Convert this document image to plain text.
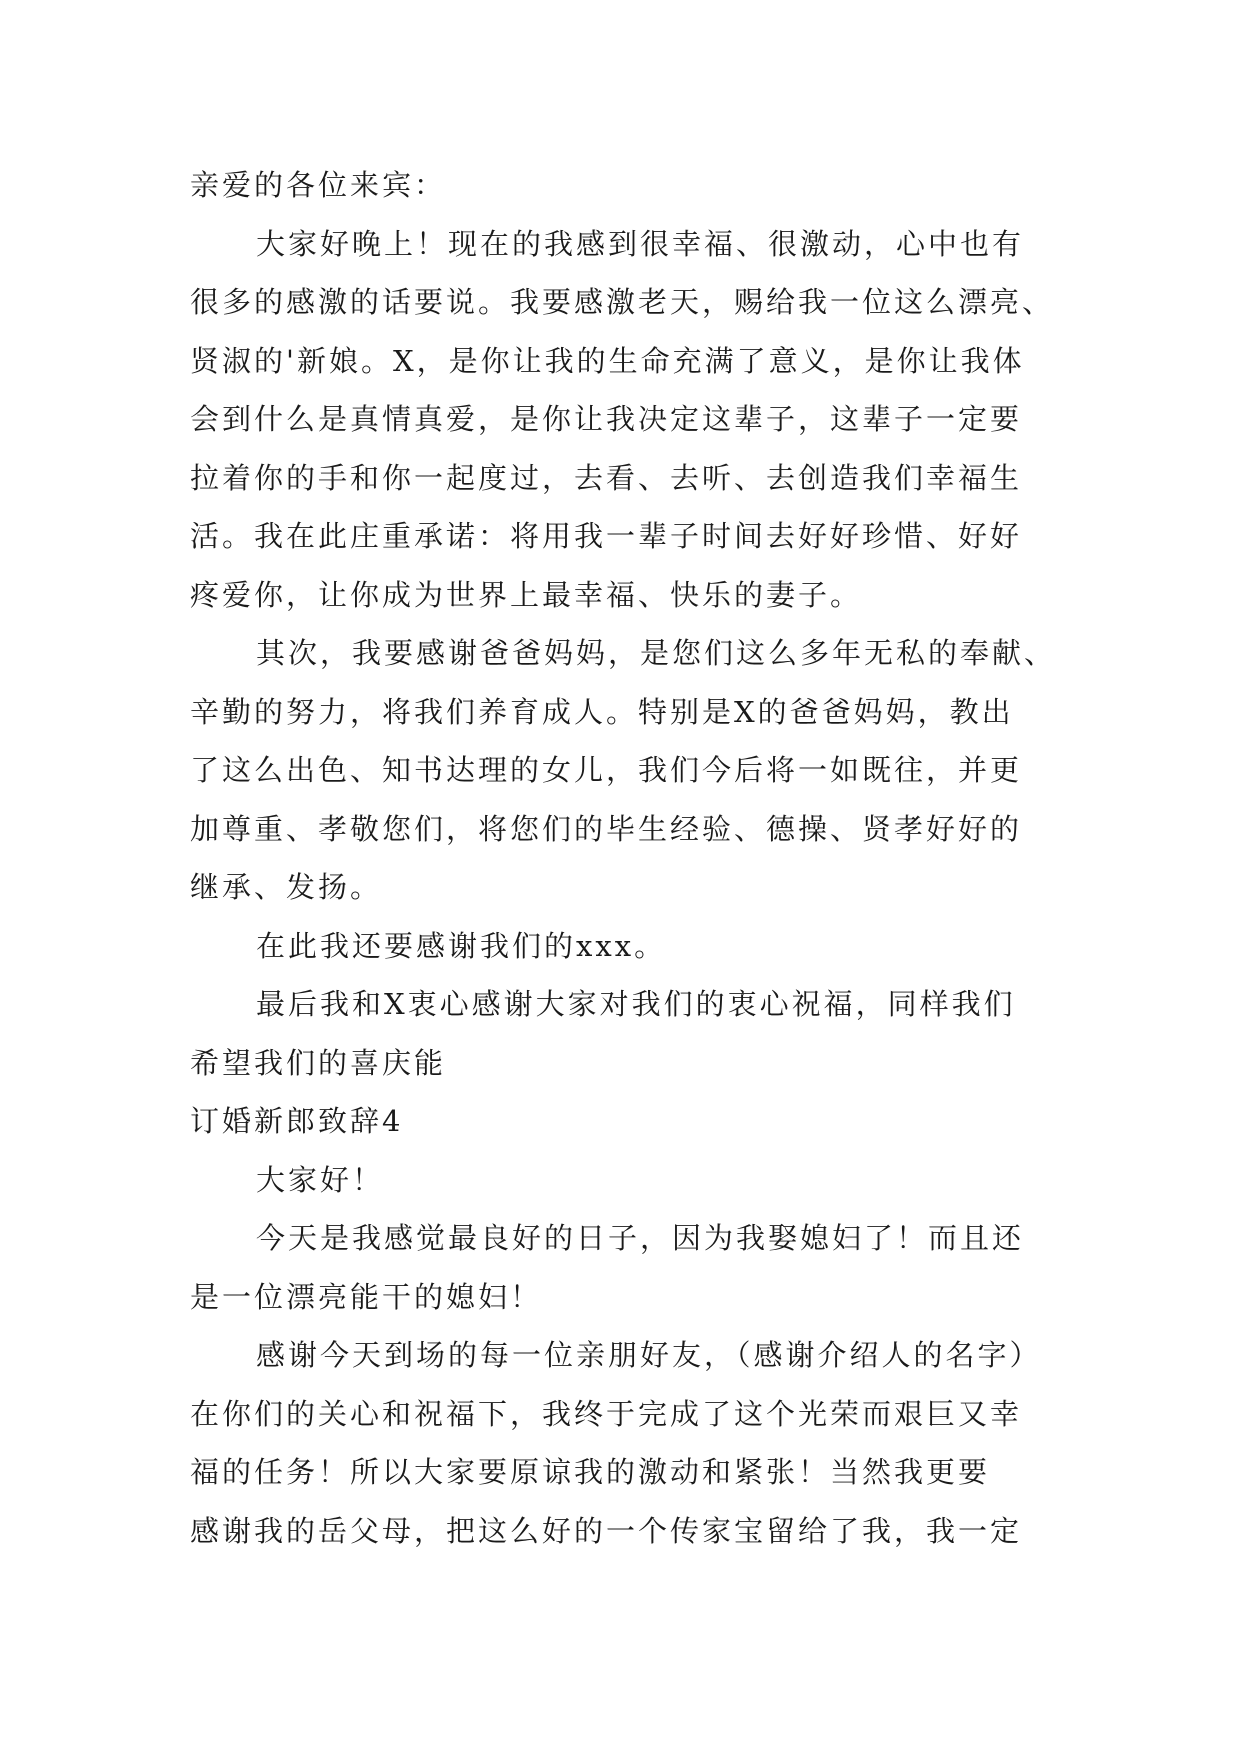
亲爱的各位来宾：
大家好晚上！现在的我感到很幸福、很激动，心中也有
很多的感激的话要说。我要感激老天，赐给我一位这么漂亮、
贤淑的'新娘。X，是你让我的生命充满了意义，是你让我体
会到什么是真情真爱，是你让我决定这辈子，这辈子一定要
拉着你的手和你一起度过，去看、去听、去创造我们幸福生
活。我在此庄重承诺：将用我一辈子时间去好好珍惜、好好
疼爱你，让你成为世界上最幸福、快乐的妻子。
其次，我要感谢爸爸妈妈，是您们这么多年无私的奉献、
辛勤的努力，将我们养育成人。特别是X的爸爸妈妈，教出
了这么出色、知书达理的女儿，我们今后将一如既往，并更
加尊重、孝敬您们，将您们的毕生经验、德操、贤孝好好的
继承、发扬。
在此我还要感谢我们的xxx。
最后我和X衷心感谢大家对我们的衷心祝福，同样我们
希望我们的喜庆能
订婚新郎致辞4
大家好！
今天是我感觉最良好的日子，因为我娶媳妇了！而且还
是一位漂亮能干的媳妇！
感谢今天到场的每一位亲朋好友，（感谢介绍人的名字）
在你们的关心和祝福下，我终于完成了这个光荣而艰巨又幸
福的任务！所以大家要原谅我的激动和紧张！当然我更要
感谢我的岳父母，把这么好的一个传家宝留给了我，我一定
